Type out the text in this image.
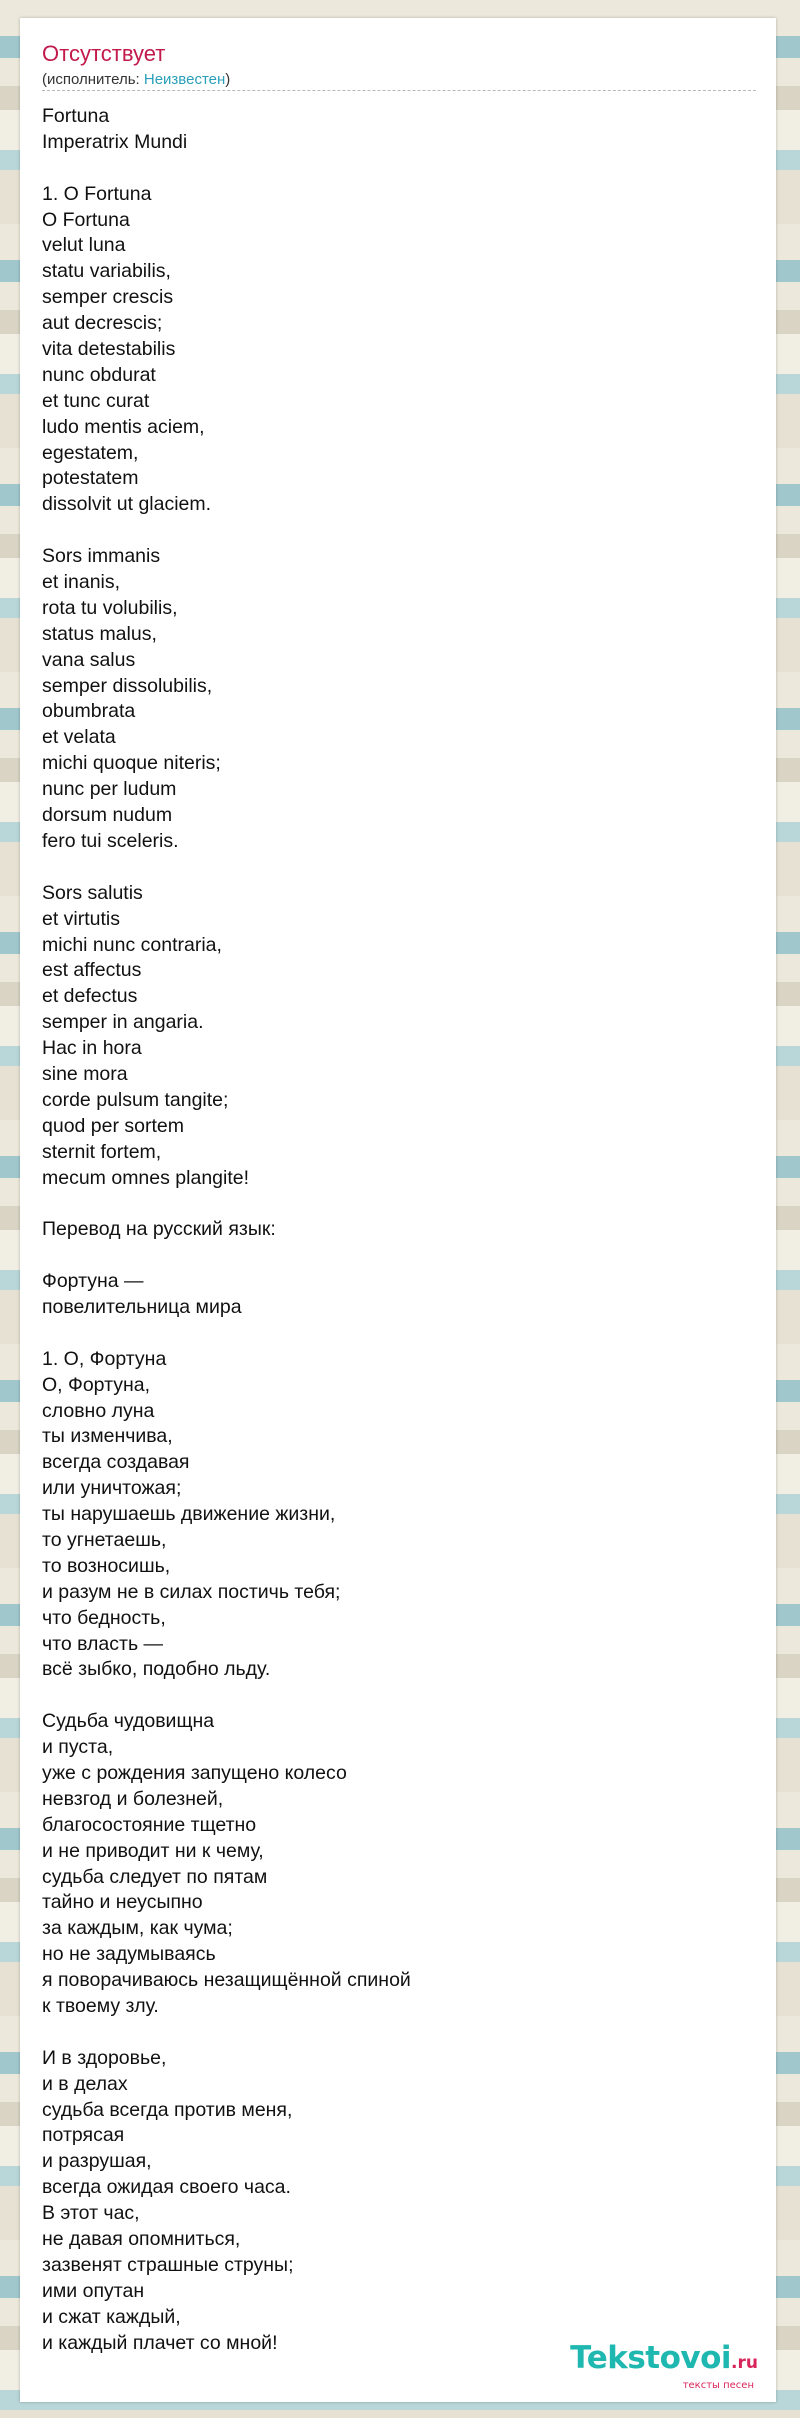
Отсутствует
(исполнитель: Неизвестен)
Fortuna
Imperatrix Mundi
1. O Fortuna
O Fortuna
velut luna
statu variabilis,
semper crescis
aut decrescis;
vita detestabilis
nunc obdurat
et tunc curat
ludo mentis aciem,
egestatem,
potestatem
dissolvit ut glaciem.
Sors immanis
et inanis,
rota tu volubilis,
status malus,
vana salus
semper dissolubilis,
obumbrata
et velata
michi quoque niteris;
nunc per ludum
dorsum nudum
fero tui sceleris.
Sors salutis
et virtutis
michi nunc contraria,
est affectus
et defectus
semper in angaria.
Hac in hora
sine mora
corde pulsum tangite;
quod per sortem
sternit fortem,
mecum omnes plangite!
Перевод на русский язык:
Фортуна —
повелительница мира
1. О, Фортуна
О, Фортуна,
словно луна
ты изменчива,
всегда создавая
или уничтожая;
ты нарушаешь движение жизни,
то угнетаешь,
то возносишь,
и разум не в силах постичь тебя;
что бедность,
что власть —
всё зыбко, подобно льду.
Судьба чудовищна
и пуста,
уже с рождения запущено колесо
невзгод и болезней,
благосостояние тщетно
и не приводит ни к чему,
судьба следует по пятам
тайно и неусыпно
за каждым, как чума;
но не задумываясь
я поворачиваюсь незащищённой спиной
к твоему злу.
И в здоровье,
и в делах
судьба всегда против меня,
потрясая
и разрушая,
всегда ожидая своего часа.
В этот час,
не давая опомниться,
зазвенят страшные струны;
ими опутан
и сжат каждый,
и каждый плачет со мной!	Tekstovoi.ru
тексты песен
